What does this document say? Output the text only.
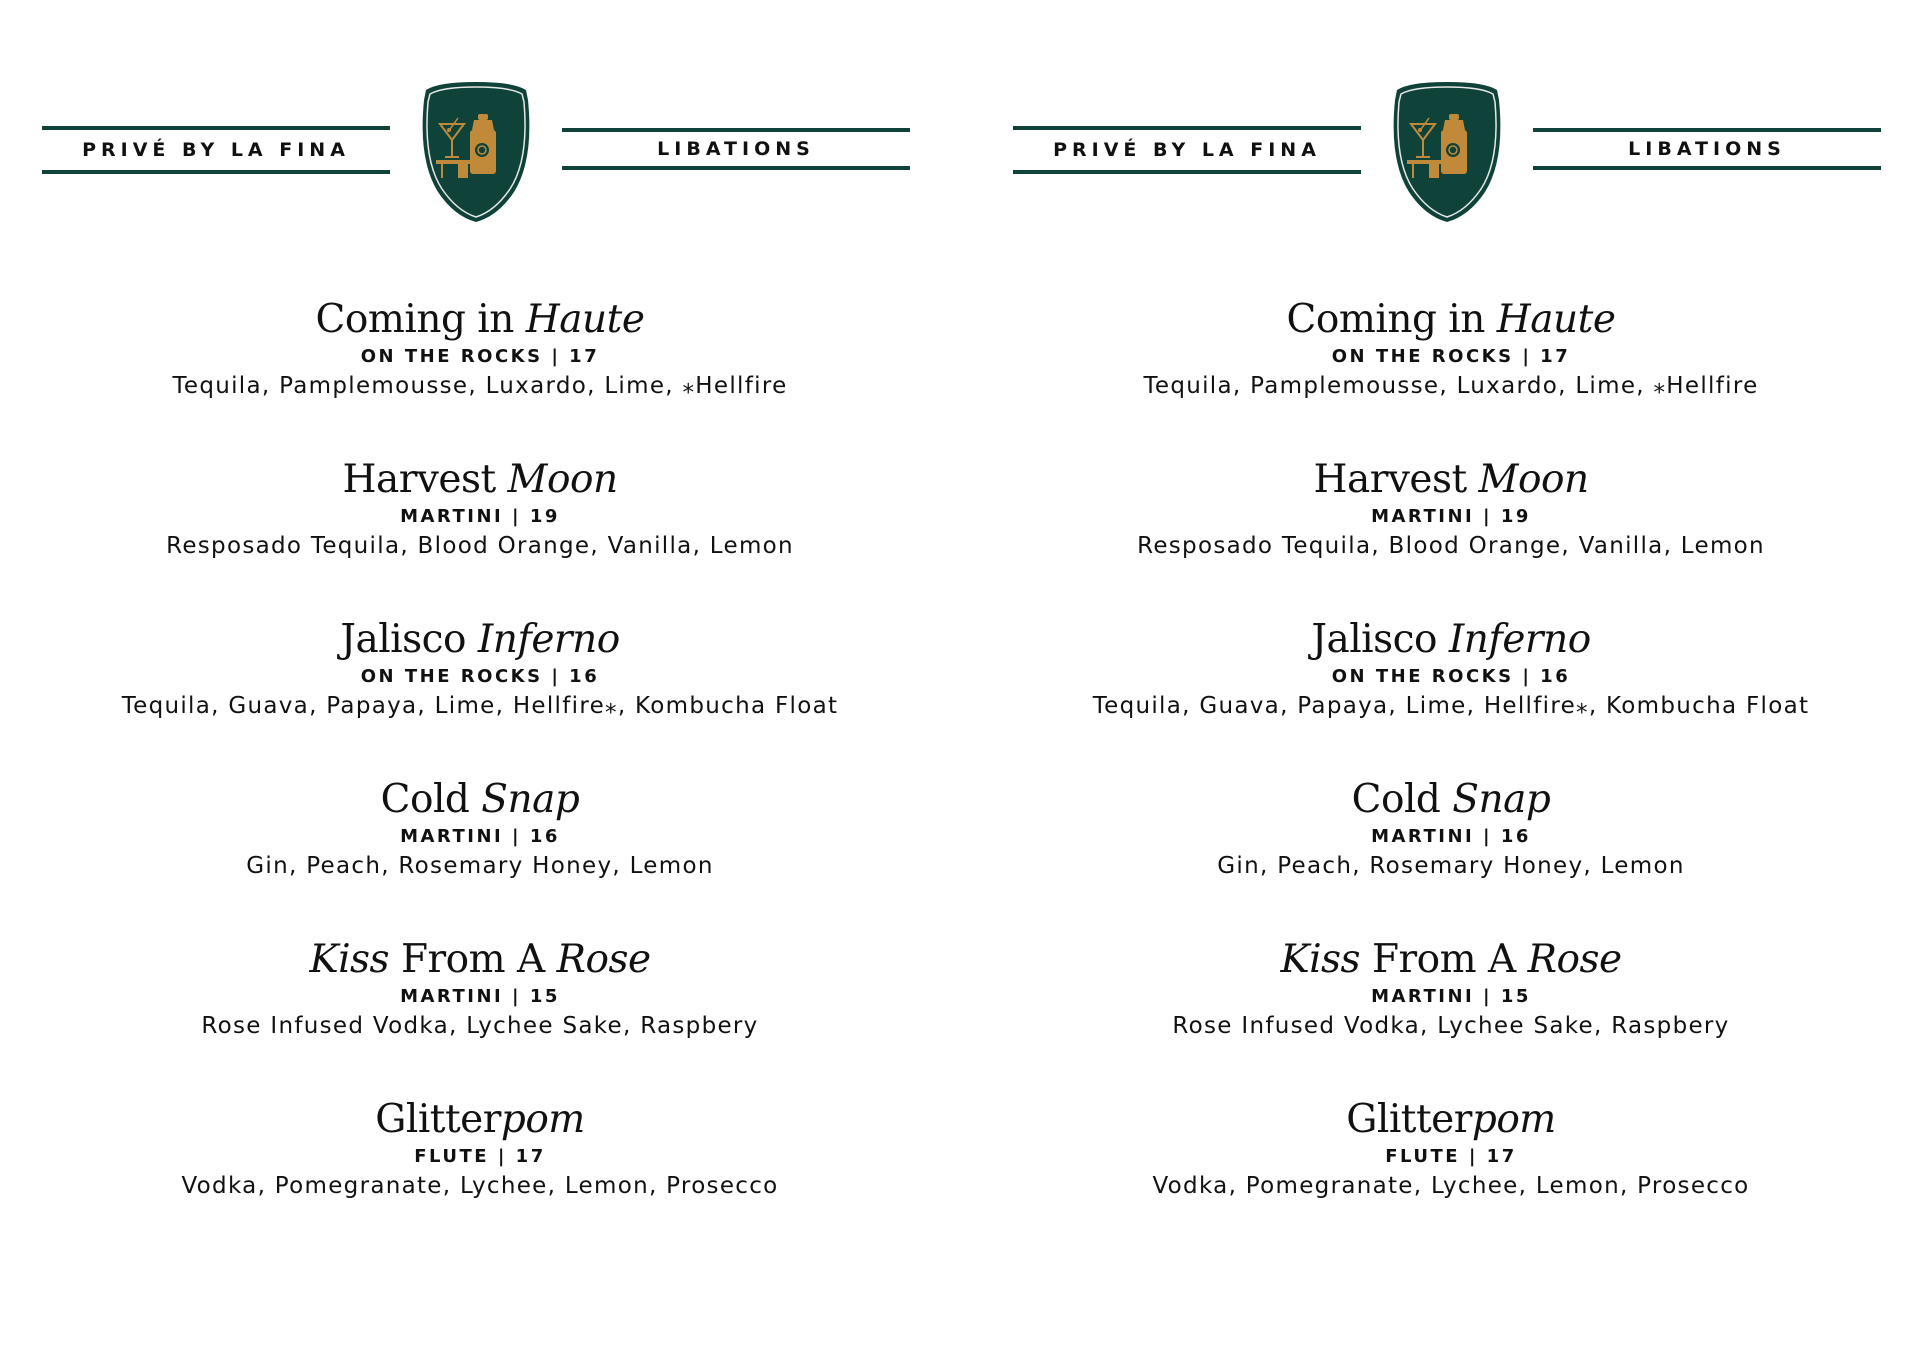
PRIVÉ BY LA FINA	LIBATIONS
Coming in Haute
ON THE ROCKS | 17
Tequila, Pamplemousse, Luxardo, Lime, ⁎Hellfire
Harvest Moon
MARTINI | 19
Resposado Tequila, Blood Orange, Vanilla, Lemon
Jalisco Inferno
ON THE ROCKS | 16
Tequila, Guava, Papaya, Lime, Hellfire⁎, Kombucha Float
Cold Snap
MARTINI | 16
Gin, Peach, Rosemary Honey, Lemon
Kiss From A Rose
MARTINI | 15
Rose Infused Vodka, Lychee Sake, Raspbery
Glitterpom
FLUTE | 17
Vodka, Pomegranate, Lychee, Lemon, Prosecco
PRIVÉ BY LA FINA	LIBATIONS
Coming in Haute
ON THE ROCKS | 17
Tequila, Pamplemousse, Luxardo, Lime, ⁎Hellfire
Harvest Moon
MARTINI | 19
Resposado Tequila, Blood Orange, Vanilla, Lemon
Jalisco Inferno
ON THE ROCKS | 16
Tequila, Guava, Papaya, Lime, Hellfire⁎, Kombucha Float
Cold Snap
MARTINI | 16
Gin, Peach, Rosemary Honey, Lemon
Kiss From A Rose
MARTINI | 15
Rose Infused Vodka, Lychee Sake, Raspbery
Glitterpom
FLUTE | 17
Vodka, Pomegranate, Lychee, Lemon, Prosecco
